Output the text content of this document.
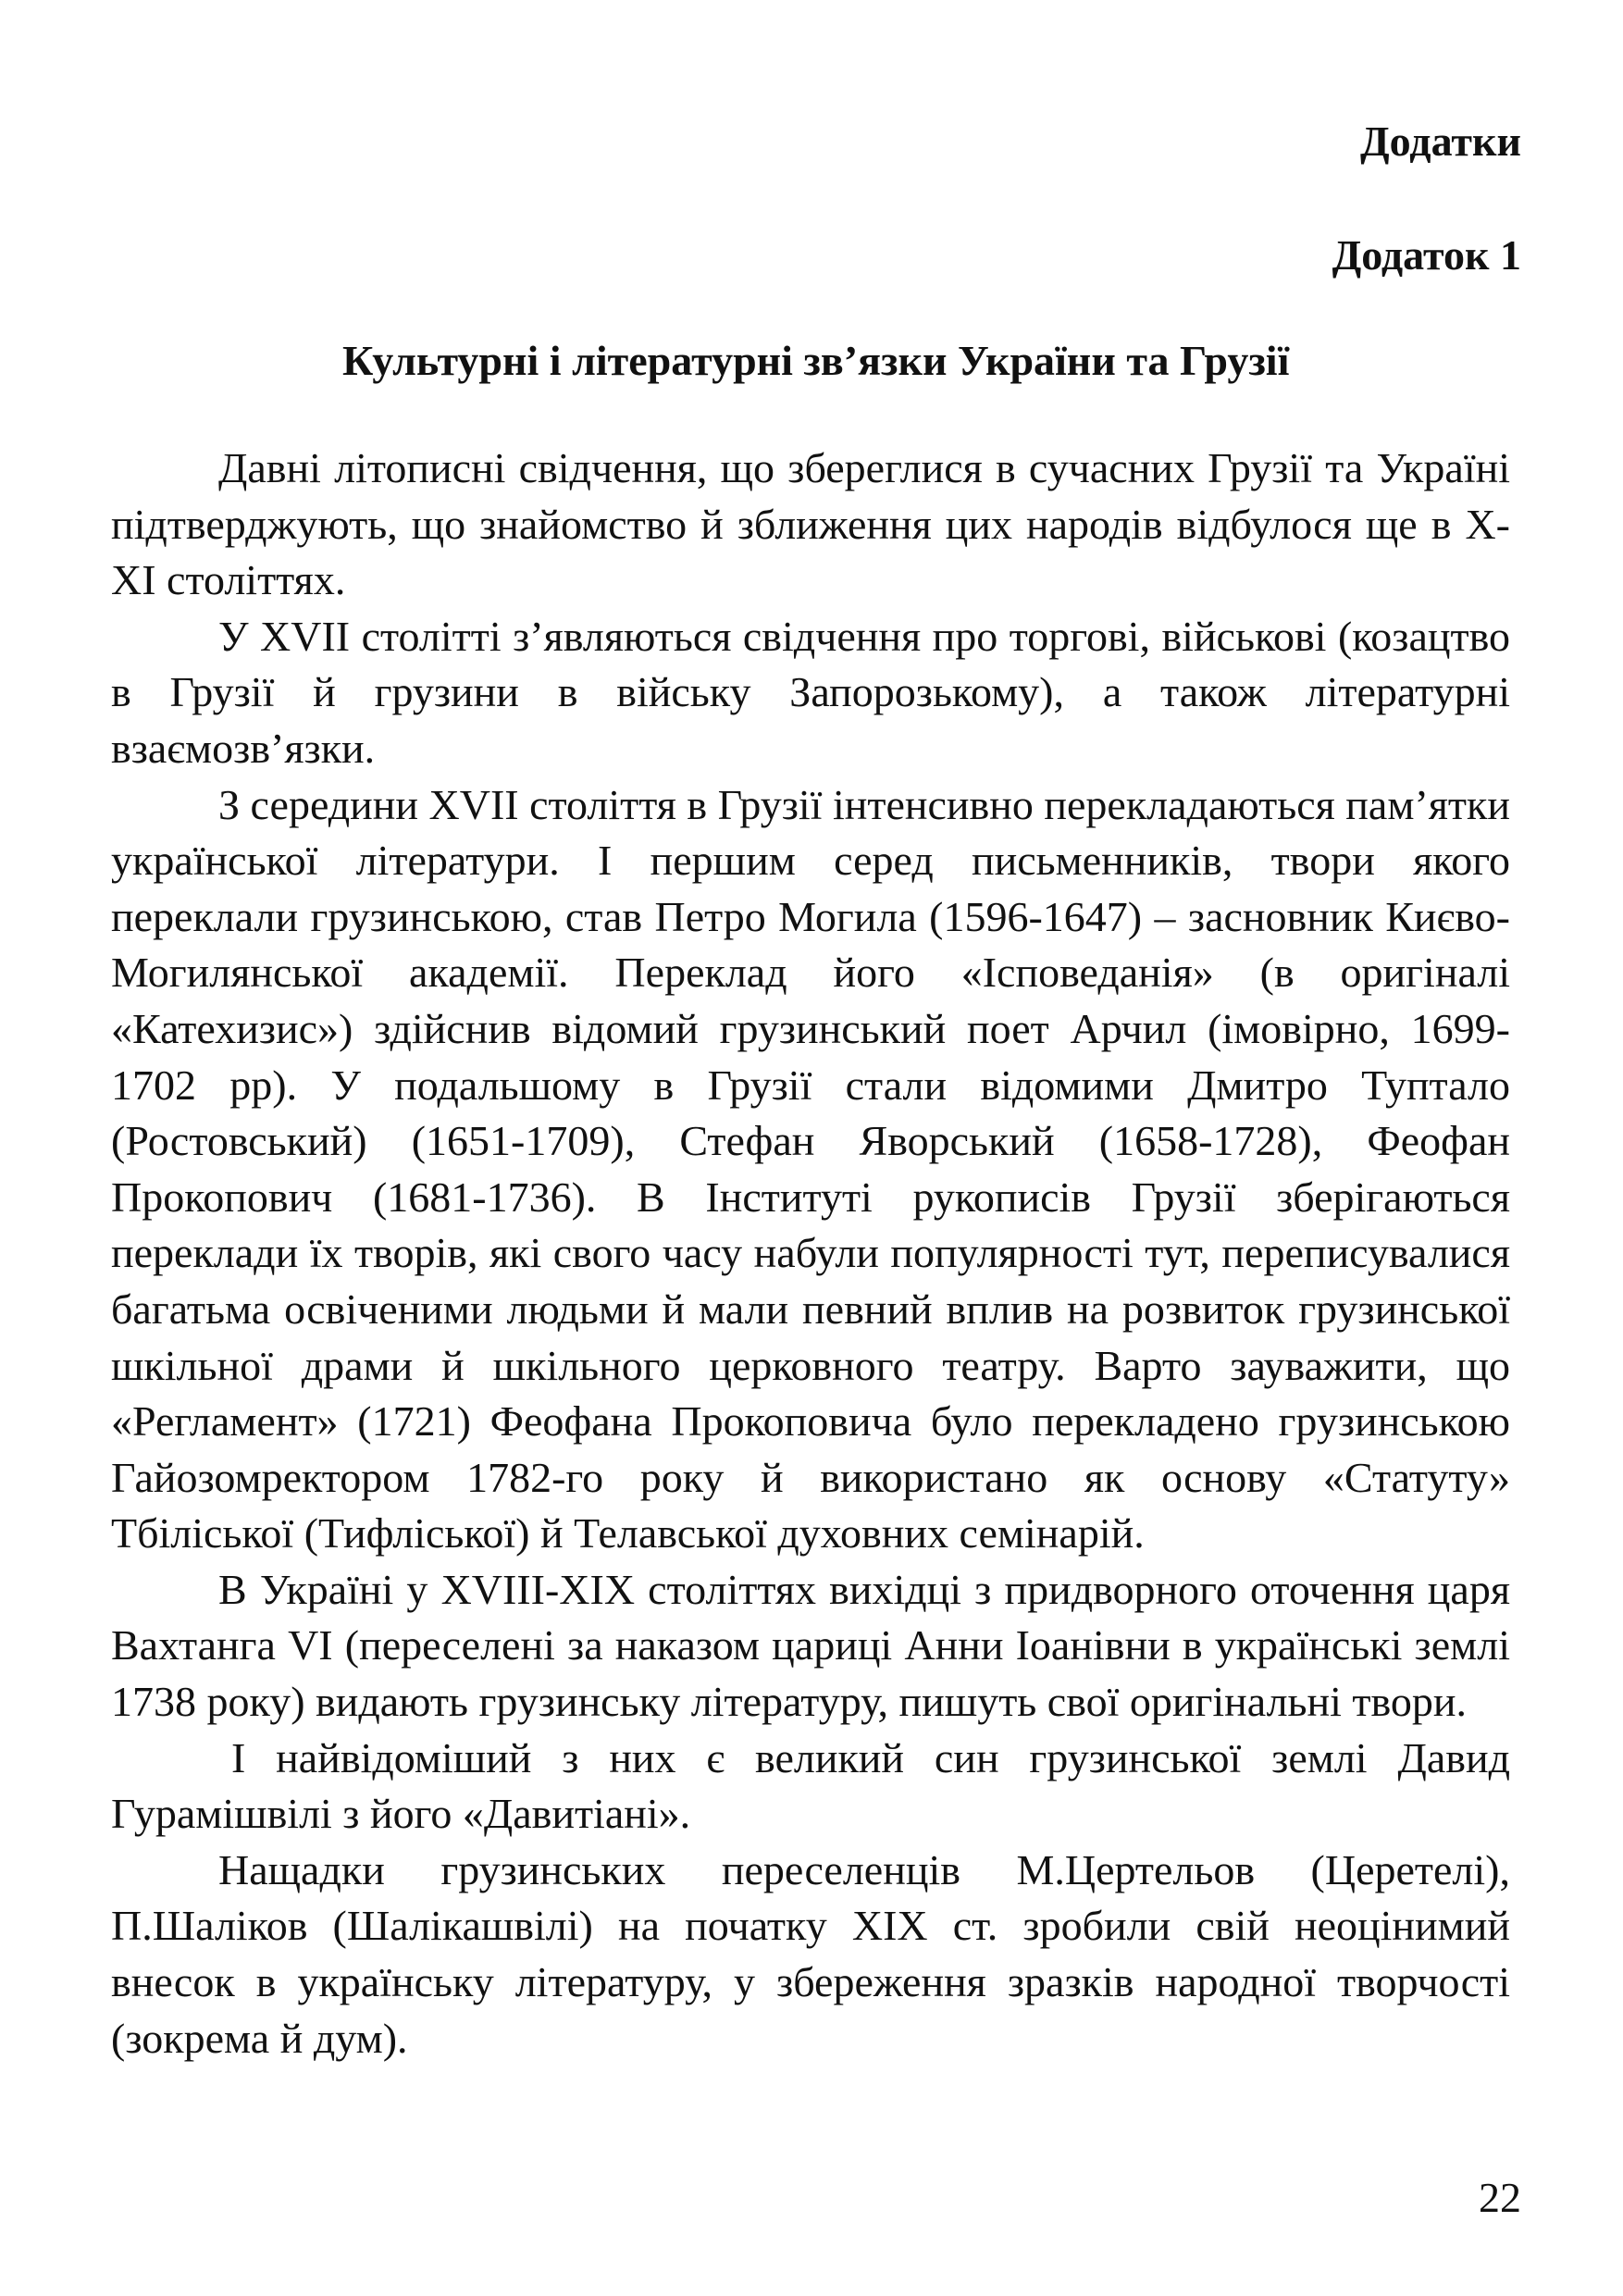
Додатки
Додаток 1
Культурні і літературні зв’язки України та Грузії

Давні літописні свідчення, що збереглися в сучасних Грузії та Україні підтверджують, що знайомство й зближення цих народів відбулося ще в X-XI століттях.

У XVII столітті з’являються свідчення про торгові, військові (козацтво в Грузії й грузини в війську Запорозькому), а також літературні взаємозв’язки.

З середини XVII століття в Грузії інтенсивно перекладаються пам’ятки української літератури. І першим серед письменників, твори якого переклали грузинською, став Петро Могила (1596-1647) – засновник Києво-Могилянської академії. Переклад його «Ісповеданія» (в оригіналі «Катехизис») здійснив відомий грузинський поет Арчил (імовірно, 1699-1702 рр). У подальшому в Грузії стали відомими Дмитро Туптало (Ростовський) (1651-1709), Стефан Яворський (1658-1728), Феофан Прокопович (1681-1736). В Інституті рукописів Грузії зберігаються переклади їх творів, які свого часу набули популярності тут, переписувалися багатьма освіченими людьми й мали певний вплив на розвиток грузинської шкільної драми й шкільного церковного театру. Варто зауважити, що «Регламент» (1721) Феофана Прокоповича було перекладено грузинською Гайозомректором 1782-го року й використано як основу «Статуту» Тбіліської (Тифліської) й Телавської духовних семінарій.

В Україні у XVIII-XIX століттях вихідці з придворного оточення царя Вахтанга VI (переселені за наказом цариці Анни Іоанівни в українські землі 1738 року) видають грузинську літературу, пишуть свої оригінальні твори.

І найвідоміший з них є великий син грузинської землі Давид Гурамішвілі з його «Давитіані».

Нащадки грузинських переселенців М.Цертельов (Церетелі), П.Шаліков (Шалікашвілі) на початку XIX ст. зробили свій неоцінимий внесок в українську літературу, у збереження зразків народної творчості (зокрема й дум).

22
